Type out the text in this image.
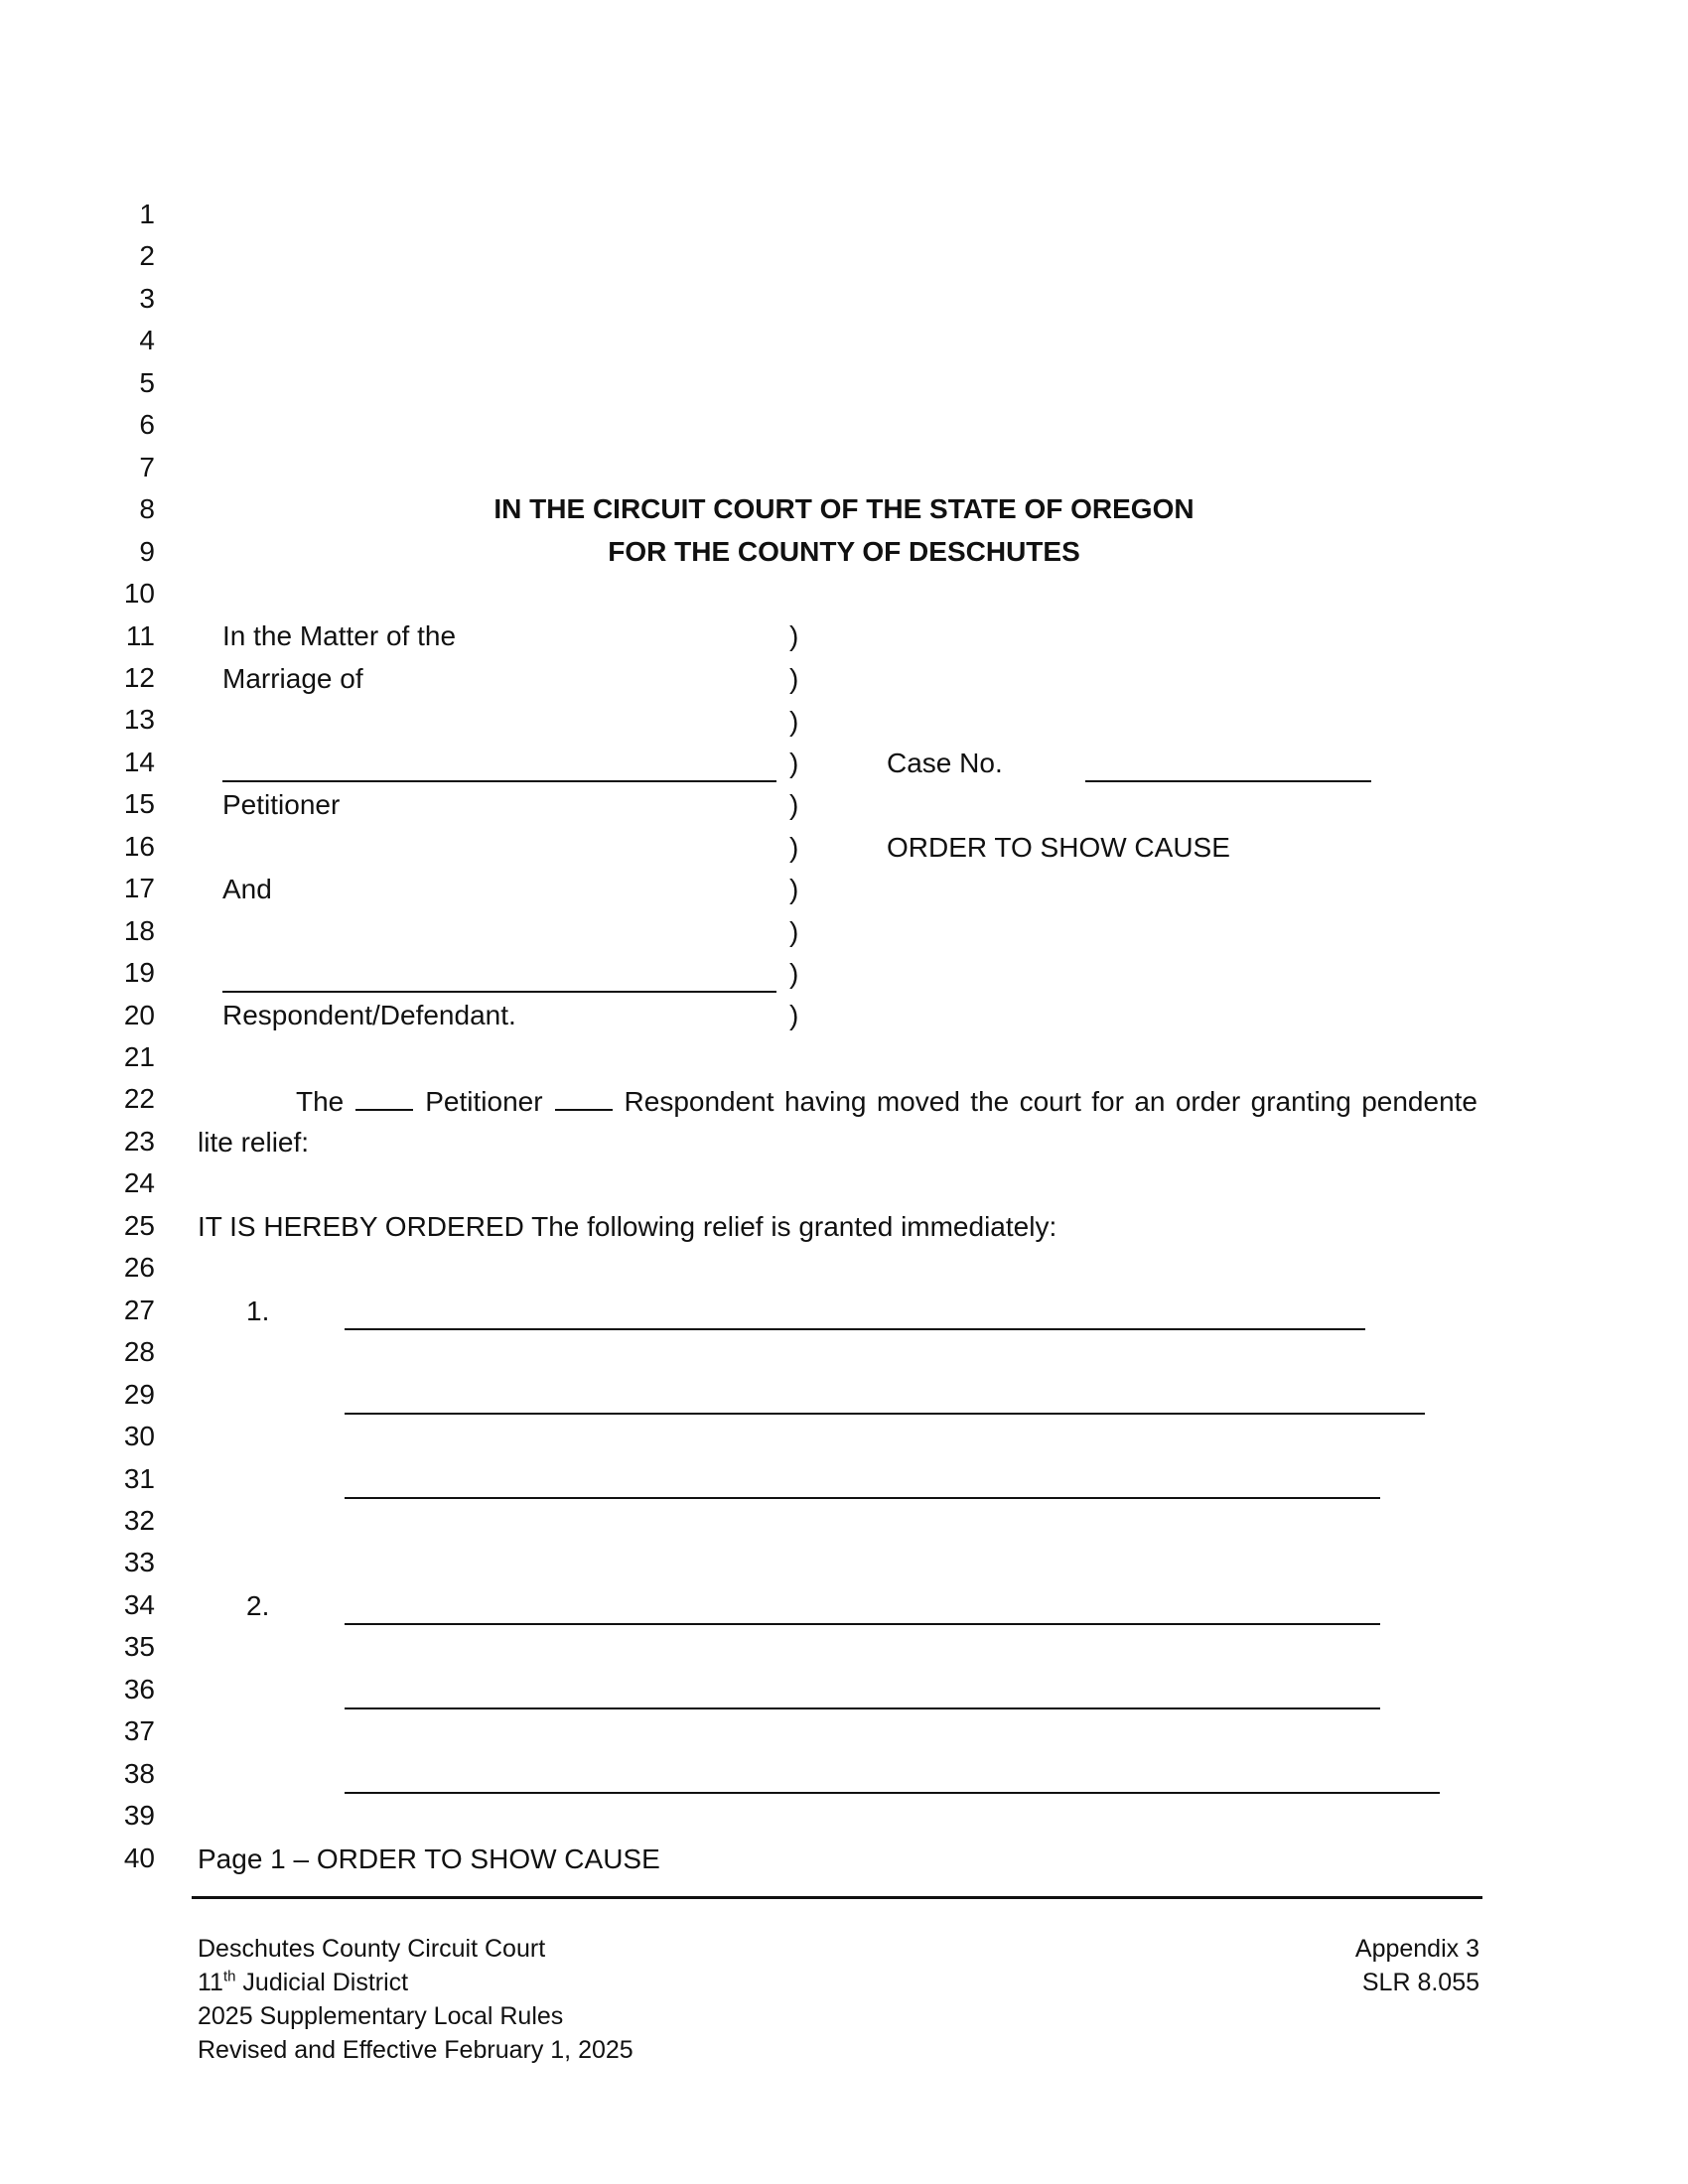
1
2
3
4
5
6
7
8
9
10
11
12
13
14
15
16
17
18
19
20
21
22
23
24
25
26
27
28
29
30
31
32
33
34
35
36
37
38
39
40
IN THE CIRCUIT COURT OF THE STATE OF OREGON
FOR THE COUNTY OF DESCHUTES
In the Matter of the
Marriage of
Petitioner
And
Respondent/Defendant.
)
)
)
)
)
)
)
)
)
)
Case No.
ORDER TO SHOW CAUSE
The	Petitioner	Respondent having moved the court for an order granting pendente
lite relief:
IT IS HEREBY ORDERED The following relief is granted immediately:
1.
2.
Page 1 – ORDER TO SHOW CAUSE
Deschutes County Circuit Court
11th Judicial District
2025 Supplementary Local Rules
Revised and Effective February 1, 2025
Appendix 3
SLR 8.055
